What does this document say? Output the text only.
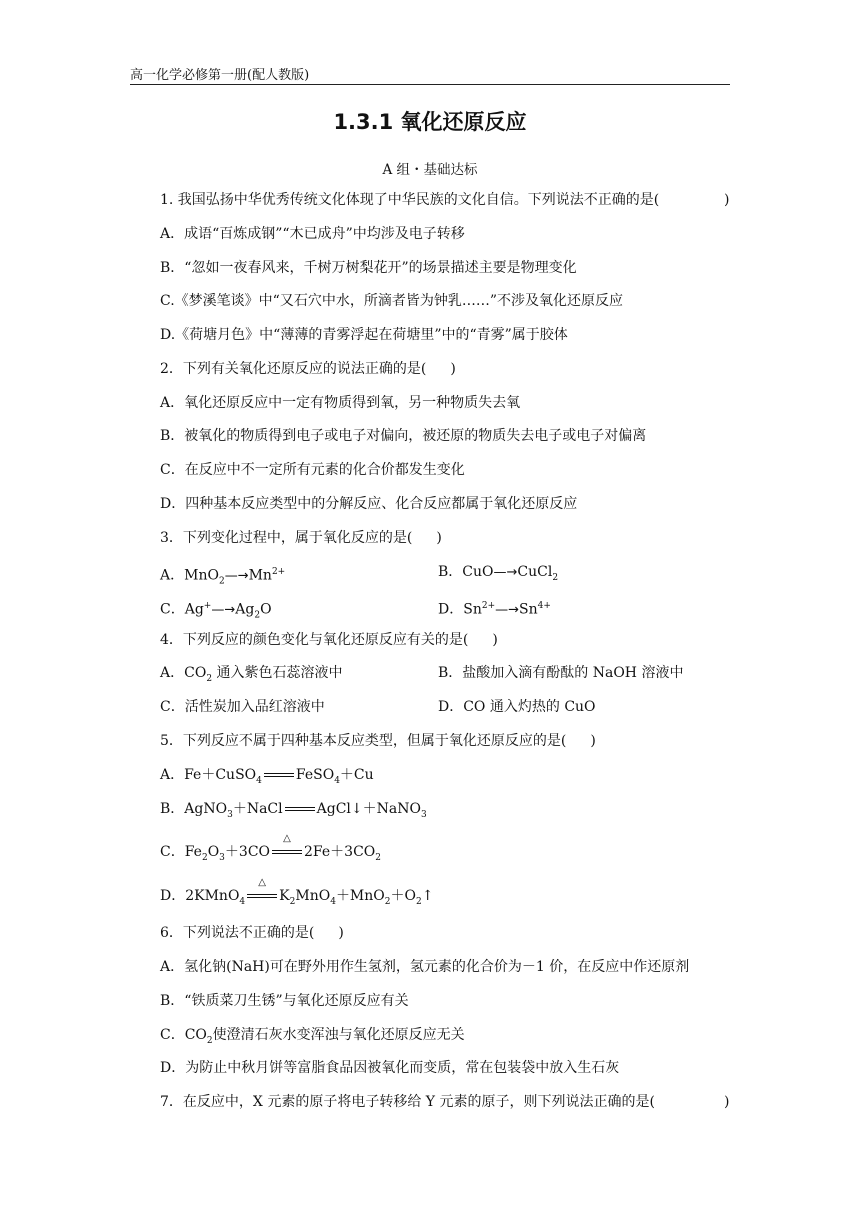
高一化学必修第一册(配人教版)
1.3.1 氧化还原反应
A 组・基础达标
1. 我国弘扬中华优秀传统文化体现了中华民族的文化自信。下列说法不正确的是(	)
A．成语“百炼成钢”“木已成舟”中均涉及电子转移
B．“忽如一夜春风来，千树万树梨花开”的场景描述主要是物理变化
C.《梦溪笔谈》中“又石穴中水，所滴者皆为钟乳……”不涉及氧化还原反应
D.《荷塘月色》中“薄薄的青雾浮起在荷塘里”中的“青雾”属于胶体
2．下列有关氧化还原反应的说法正确的是( )
A．氧化还原反应中一定有物质得到氧，另一种物质失去氧
B．被氧化的物质得到电子或电子对偏向，被还原的物质失去电子或电子对偏离
C．在反应中不一定所有元素的化合价都发生变化
D．四种基本反应类型中的分解反应、化合反应都属于氧化还原反应
3．下列变化过程中，属于氧化反应的是( )
A．$MnO_2—\to Mn^{2+}$	B．CuO—→CuCl$_2$
C．$Ag^+—\to Ag_2O$	D．$Sn^{2+}—\to Sn^{4+}$
4．下列反应的颜色变化与氧化还原反应有关的是( )
A．$CO_2$ 通入紫色石蕊溶液中	B．盐酸加入滴有酚酞的 NaOH 溶液中
C．活性炭加入品红溶液中	D．CO 通入灼热的 CuO
5．下列反应不属于四种基本反应类型，但属于氧化还原反应的是( )
A．Fe＋CuSO$_4$ FeSO$_4$＋Cu
B．AgNO$_3$＋NaCl AgCl↓＋NaNO$_3$
C．$Fe_2O_3+3CO$
△
$2Fe+3CO_2$
D．2KMnO$_4$
△
$K_2MnO_4+MnO_2+O_2↑$
6．下列说法不正确的是( )
A．氢化钠(NaH)可在野外用作生氢剂，氢元素的化合价为－1 价，在反应中作还原剂
B．“铁质菜刀生锈”与氧化还原反应有关
C．$CO_2$使澄清石灰水变浑浊与氧化还原反应无关
D．为防止中秋月饼等富脂食品因被氧化而变质，常在包装袋中放入生石灰
7．在反应中，X 元素的原子将电子转移给 Y 元素的原子，则下列说法正确的是(	)
